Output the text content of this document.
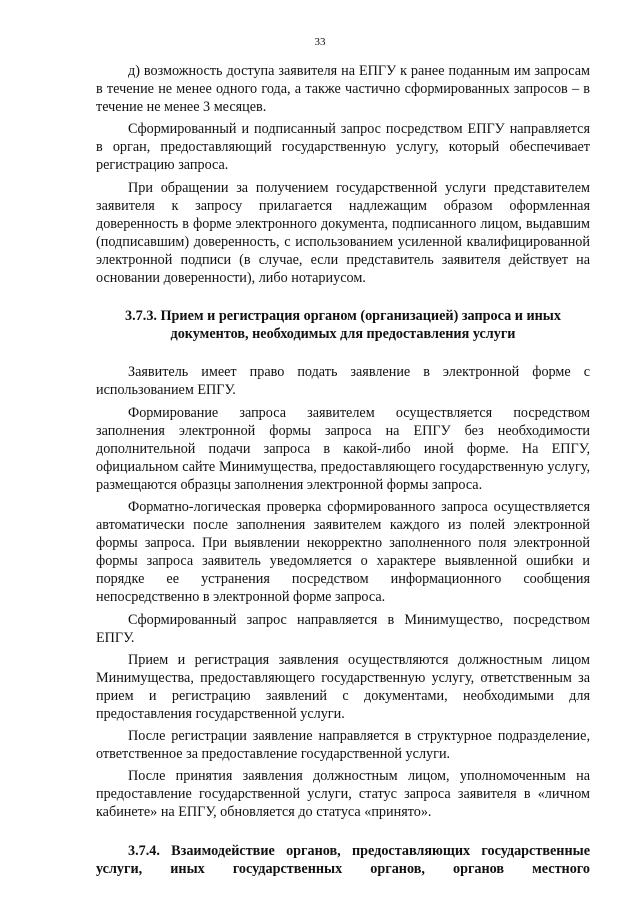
33

д) возможность доступа заявителя на ЕПГУ к ранее поданным им запросам в течение не менее одного года, а также частично сформированных запросов – в течение не менее 3 месяцев.

Сформированный и подписанный запрос посредством ЕПГУ направляется в орган, предоставляющий государственную услугу, который обеспечивает регистрацию запроса.

При обращении за получением государственной услуги представителем заявителя к запросу прилагается надлежащим образом оформленная доверенность в форме электронного документа, подписанного лицом, выдавшим (подписавшим) доверенность, с использованием усиленной квалифицированной электронной подписи (в случае, если представитель заявителя действует на основании доверенности), либо нотариусом.

3.7.3. Прием и регистрация органом (организацией) запроса и иных документов, необходимых для предоставления услуги

Заявитель имеет право подать заявление в электронной форме с использованием ЕПГУ.

Формирование запроса заявителем осуществляется посредством заполнения электронной формы запроса на ЕПГУ без необходимости дополнительной подачи запроса в какой-либо иной форме. На ЕПГУ, официальном сайте Минимущества, предоставляющего государственную услугу, размещаются образцы заполнения электронной формы запроса.

Форматно-логическая проверка сформированного запроса осуществляется автоматически после заполнения заявителем каждого из полей электронной формы запроса. При выявлении некорректно заполненного поля электронной формы запроса заявитель уведомляется о характере выявленной ошибки и порядке ее устранения посредством информационного сообщения непосредственно в электронной форме запроса.

Сформированный запрос направляется в Минимущество, посредством ЕПГУ.

Прием и регистрация заявления осуществляются должностным лицом Минимущества, предоставляющего государственную услугу, ответственным за прием и регистрацию заявлений с документами, необходимыми для предоставления государственной услуги.

После регистрации заявление направляется в структурное подразделение, ответственное за предоставление государственной услуги.

После принятия заявления должностным лицом, уполномоченным на предоставление государственной услуги, статус запроса заявителя в «личном кабинете» на ЕПГУ, обновляется до статуса «принято».

3.7.4. Взаимодействие органов, предоставляющих государственные услуги, иных государственных органов, органов местного
